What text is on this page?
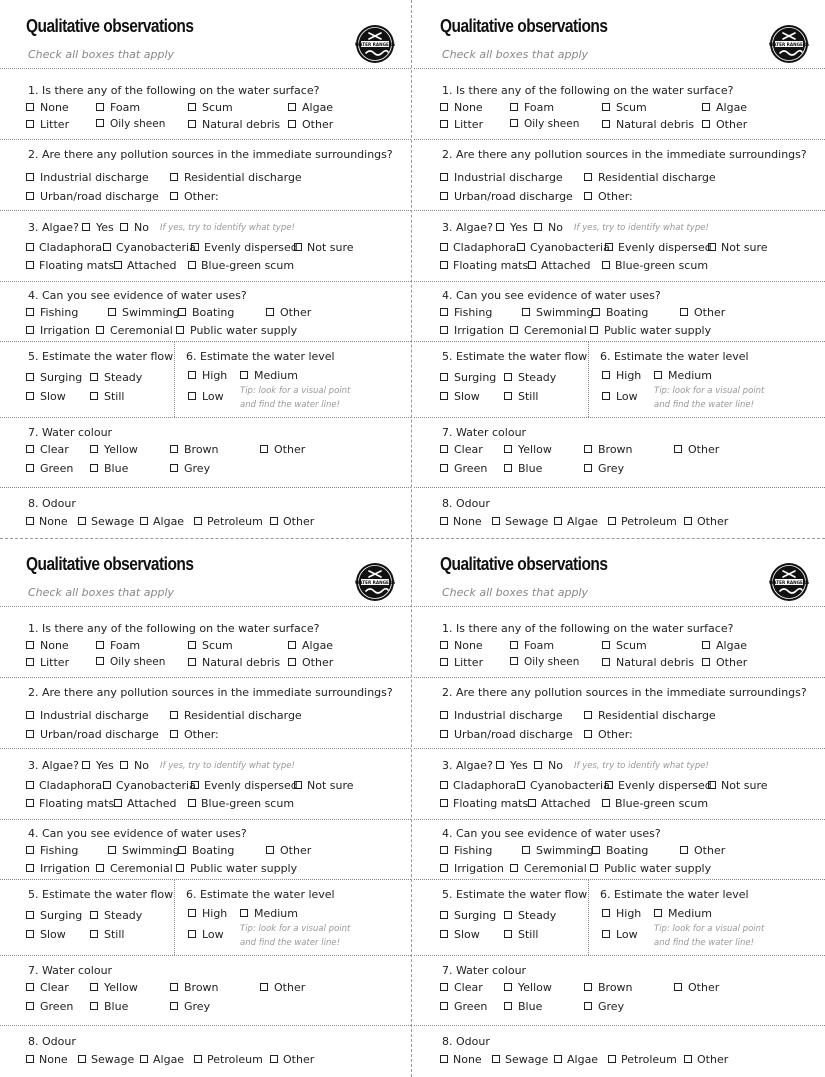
Qualitative observations
Check all boxes that apply
WATER RANGERS
1. Is there any of the following on the water surface?
None	Foam	Scum	Algae
Litter	Oily sheen	Natural debris	Other
2. Are there any pollution sources in the immediate surroundings?
Industrial discharge	Residential discharge
Urban/road discharge	Other:
3. Algae?	Yes	No If yes, try to identify what type!
Cladaphora	Cyanobacteria Evenly dispersed Not sure
Floating mats	Attached	Blue-green scum
4. Can you see evidence of water uses?
Fishing	Swimming	Boating	Other
Irrigation	Ceremonial	Public water supply
5. Estimate the water flow
Surging	Steady
Slow	Still
6. Estimate the water level
High	Medium
Low Tip: look for a visual point
and find the water line!
7. Water colour
Clear	Yellow	Brown	Other
Green	Blue	Grey
8. Odour
None	Sewage	Algae	Petroleum	Other
Qualitative observations
Check all boxes that apply
WATER RANGERS
1. Is there any of the following on the water surface?
None	Foam	Scum	Algae
Litter	Oily sheen	Natural debris	Other
2. Are there any pollution sources in the immediate surroundings?
Industrial discharge	Residential discharge
Urban/road discharge	Other:
3. Algae?	Yes	No If yes, try to identify what type!
Cladaphora	Cyanobacteria Evenly dispersed Not sure
Floating mats	Attached	Blue-green scum
4. Can you see evidence of water uses?
Fishing	Swimming	Boating	Other
Irrigation	Ceremonial	Public water supply
5. Estimate the water flow
Surging	Steady
Slow	Still
6. Estimate the water level
High	Medium
Low Tip: look for a visual point
and find the water line!
7. Water colour
Clear	Yellow	Brown	Other
Green	Blue	Grey
8. Odour
None	Sewage	Algae	Petroleum	Other
Qualitative observations
Check all boxes that apply
WATER RANGERS
1. Is there any of the following on the water surface?
None	Foam	Scum	Algae
Litter	Oily sheen	Natural debris	Other
2. Are there any pollution sources in the immediate surroundings?
Industrial discharge	Residential discharge
Urban/road discharge	Other:
3. Algae?	Yes	No If yes, try to identify what type!
Cladaphora	Cyanobacteria Evenly dispersed Not sure
Floating mats	Attached	Blue-green scum
4. Can you see evidence of water uses?
Fishing	Swimming	Boating	Other
Irrigation	Ceremonial	Public water supply
5. Estimate the water flow
Surging	Steady
Slow	Still
6. Estimate the water level
High	Medium
Low Tip: look for a visual point
and find the water line!
7. Water colour
Clear	Yellow	Brown	Other
Green	Blue	Grey
8. Odour
None	Sewage	Algae	Petroleum	Other
Qualitative observations
Check all boxes that apply
WATER RANGERS
1. Is there any of the following on the water surface?
None	Foam	Scum	Algae
Litter	Oily sheen	Natural debris	Other
2. Are there any pollution sources in the immediate surroundings?
Industrial discharge	Residential discharge
Urban/road discharge	Other:
3. Algae?	Yes	No If yes, try to identify what type!
Cladaphora	Cyanobacteria Evenly dispersed Not sure
Floating mats	Attached	Blue-green scum
4. Can you see evidence of water uses?
Fishing	Swimming	Boating	Other
Irrigation	Ceremonial	Public water supply
5. Estimate the water flow
Surging	Steady
Slow	Still
6. Estimate the water level
High	Medium
Low Tip: look for a visual point
and find the water line!
7. Water colour
Clear	Yellow	Brown	Other
Green	Blue	Grey
8. Odour
None	Sewage	Algae	Petroleum	Other
